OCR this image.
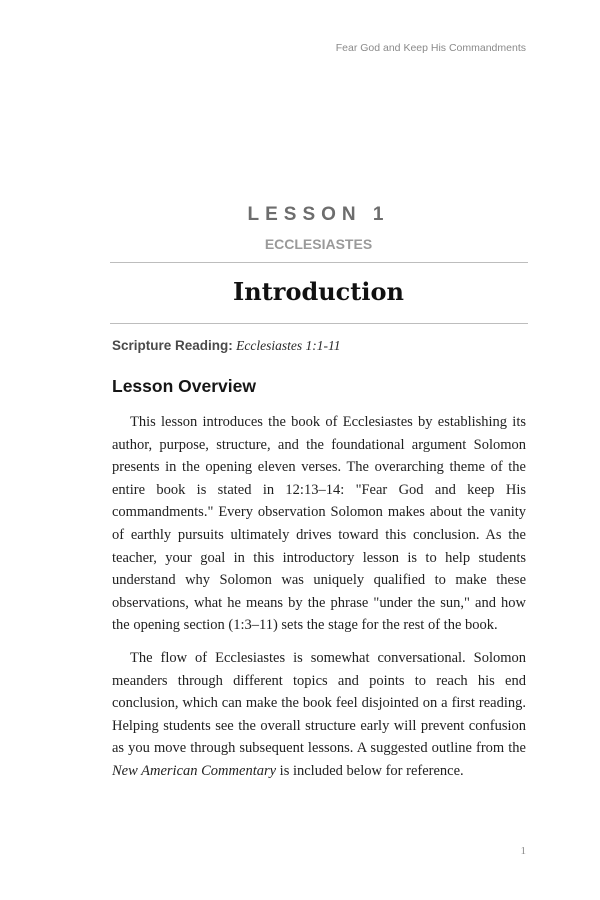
Fear God and Keep His Commandments
LESSON 1
ECCLESIASTES
Introduction
Scripture Reading: Ecclesiastes 1:1-11
Lesson Overview

This lesson introduces the book of Ecclesiastes by establishing its author, purpose, structure, and the foundational argument Solomon presents in the opening eleven verses. The overarching theme of the entire book is stated in 12:13–14: "Fear God and keep His commandments." Every observation Solomon makes about the vanity of earthly pursuits ultimately drives toward this conclusion. As the teacher, your goal in this introductory lesson is to help students understand why Solomon was uniquely qualified to make these observations, what he means by the phrase "under the sun," and how the opening section (1:3–11) sets the stage for the rest of the book.

The flow of Ecclesiastes is somewhat conversational. Solomon meanders through different topics and points to reach his end conclusion, which can make the book feel disjointed on a first reading. Helping students see the overall structure early will prevent confusion as you move through subsequent lessons. A suggested outline from the New American Commentary is included below for reference.

1
